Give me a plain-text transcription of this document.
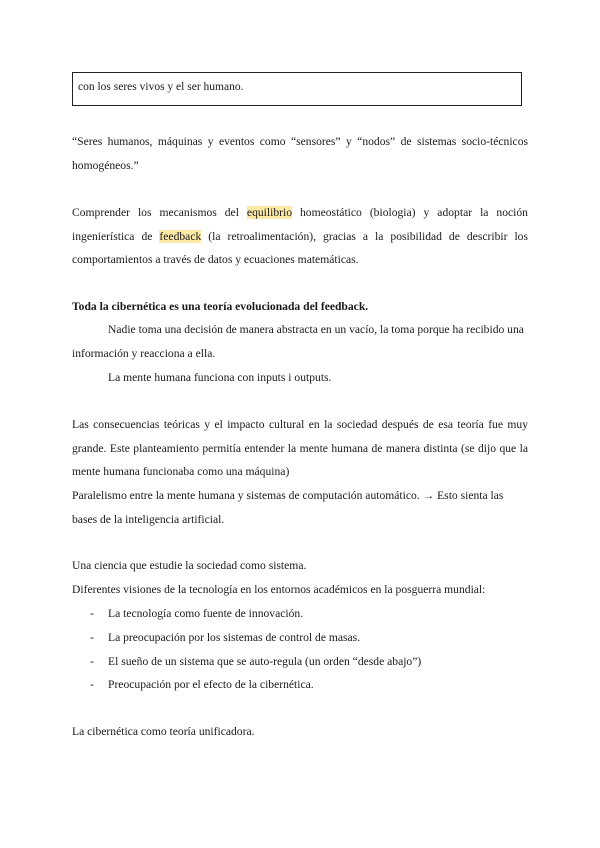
con los seres vivos y el ser humano.
“Seres humanos, máquinas y eventos como “sensores” y “nodos” de sistemas socio-técnicos homogéneos.”
Comprender los mecanismos del equilibrio homeostático (biologia) y adoptar la noción ingenierística de feedback (la retroalimentación), gracias a la posibilidad de describir los comportamientos a través de datos y ecuaciones matemáticas.
Toda la cibernética es una teoría evolucionada del feedback.
Nadie toma una decisión de manera abstracta en un vacío, la toma porque ha recibido una información y reacciona a ella.
La mente humana funciona con inputs i outputs.
Las consecuencias teóricas y el impacto cultural en la sociedad después de esa teoría fue muy grande. Este planteamiento permitía entender la mente humana de manera distinta (se dijo que la mente humana funcionaba como una máquina)
Paralelismo entre la mente humana y sistemas de computación automático. → Esto sienta las bases de la inteligencia artificial.
Una ciencia que estudie la sociedad como sistema.
Diferentes visiones de la tecnología en los entornos académicos en la posguerra mundial:
- La tecnología como fuente de innovación.
- La preocupación por los sistemas de control de masas.
- El sueño de un sistema que se auto-regula (un orden “desde abajo”)
- Preocupación por el efecto de la cibernética.
La cibernética como teoría unificadora.
